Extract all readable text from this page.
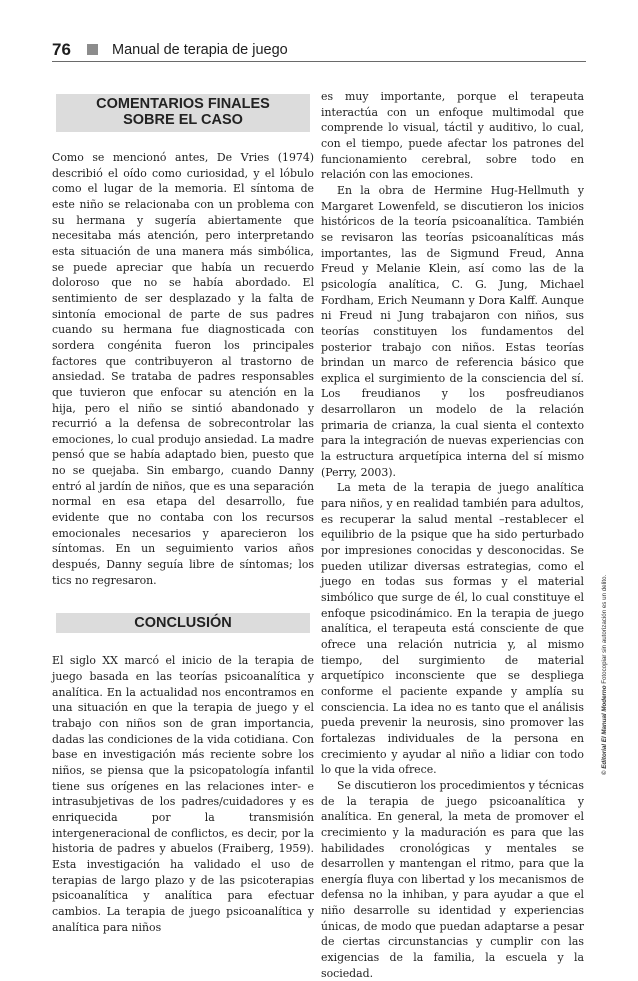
76	Manual de terapia de juego
COMENTARIOS FINALES
SOBRE EL CASO

Como se mencionó antes, De Vries (1974) describió el oído como curiosidad, y el lóbulo como el lugar de la memoria. El síntoma de este niño se relacionaba con un problema con su hermana y sugería abiertamente que necesitaba más atención, pero interpretando esta situación de una manera más simbólica, se puede apreciar que había un recuerdo doloroso que no se había abordado. El sentimiento de ser desplazado y la falta de sintonía emocional de parte de sus padres cuando su hermana fue diagnosticada con sordera congénita fueron los principales factores que contribuyeron al trastorno de ansiedad. Se trataba de padres responsables que tuvieron que enfocar su atención en la hija, pero el niño se sintió abandonado y recurrió a la defensa de sobrecontrolar las emociones, lo cual produjo ansiedad. La madre pensó que se había adaptado bien, puesto que no se quejaba. Sin embargo, cuando Danny entró al jardín de niños, que es una separación normal en esa etapa del desarrollo, fue evidente que no contaba con los recursos emocionales necesarios y aparecieron los síntomas. En un seguimiento varios años después, Danny seguía libre de síntomas; los tics no regresaron.

CONCLUSIÓN

El siglo XX marcó el inicio de la terapia de juego basada en las teorías psicoanalítica y analítica. En la actualidad nos encontramos en una situación en que la terapia de juego y el trabajo con niños son de gran importancia, dadas las condiciones de la vida cotidiana. Con base en investigación más reciente sobre los niños, se piensa que la psicopatología infantil tiene sus orígenes en las relaciones inter- e intrasubjetivas de los padres/cuidadores y es enriquecida por la transmisión intergeneracional de conflictos, es decir, por la historia de padres y abuelos (Fraiberg, 1959). Esta investigación ha validado el uso de terapias de largo plazo y de las psicoterapias psicoanalítica y analítica para efectuar cambios. La terapia de juego psicoanalítica y analítica para niños

es muy importante, porque el terapeuta interactúa con un enfoque multimodal que comprende lo visual, táctil y auditivo, lo cual, con el tiempo, puede afectar los patrones del funcionamiento cerebral, sobre todo en relación con las emociones.

En la obra de Hermine Hug-Hellmuth y Margaret Lowenfeld, se discutieron los inicios históricos de la teoría psicoanalítica. También se revisaron las teorías psicoanalíticas más importantes, las de Sigmund Freud, Anna Freud y Melanie Klein, así como las de la psicología analítica, C. G. Jung, Michael Fordham, Erich Neumann y Dora Kalff. Aunque ni Freud ni Jung trabajaron con niños, sus teorías constituyen los fundamentos del posterior trabajo con niños. Estas teorías brindan un marco de referencia básico que explica el surgimiento de la consciencia del sí. Los freudianos y los posfreudianos desarrollaron un modelo de la relación primaria de crianza, la cual sienta el contexto para la integración de nuevas experiencias con la estructura arquetípica interna del sí mismo (Perry, 2003).

La meta de la terapia de juego analítica para niños, y en realidad también para adultos, es recuperar la salud mental –restablecer el equilibrio de la psique que ha sido perturbado por impresiones conocidas y desconocidas. Se pueden utilizar diversas estrategias, como el juego en todas sus formas y el material simbólico que surge de él, lo cual constituye el enfoque psicodinámico. En la terapia de juego analítica, el terapeuta está consciente de que ofrece una relación nutricia y, al mismo tiempo, del surgimiento de material arquetípico inconsciente que se despliega conforme el paciente expande y amplía su consciencia. La idea no es tanto que el análisis pueda prevenir la neurosis, sino promover las fortalezas individuales de la persona en crecimiento y ayudar al niño a lidiar con todo lo que la vida ofrece.

Se discutieron los procedimientos y técnicas de la terapia de juego psicoanalítica y analítica. En general, la meta de promover el crecimiento y la maduración es para que las habilidades cronológicas y mentales se desarrollen y mantengan el ritmo, para que la energía fluya con libertad y los mecanismos de defensa no la inhiban, y para ayudar a que el niño desarrolle su identidad y experiencias únicas, de modo que puedan adaptarse a pesar de ciertas circunstancias y cumplir con las exigencias de la familia, la escuela y la sociedad.

© Editorial El Manual Moderno Fotocopiar sin autorización es un delito.
